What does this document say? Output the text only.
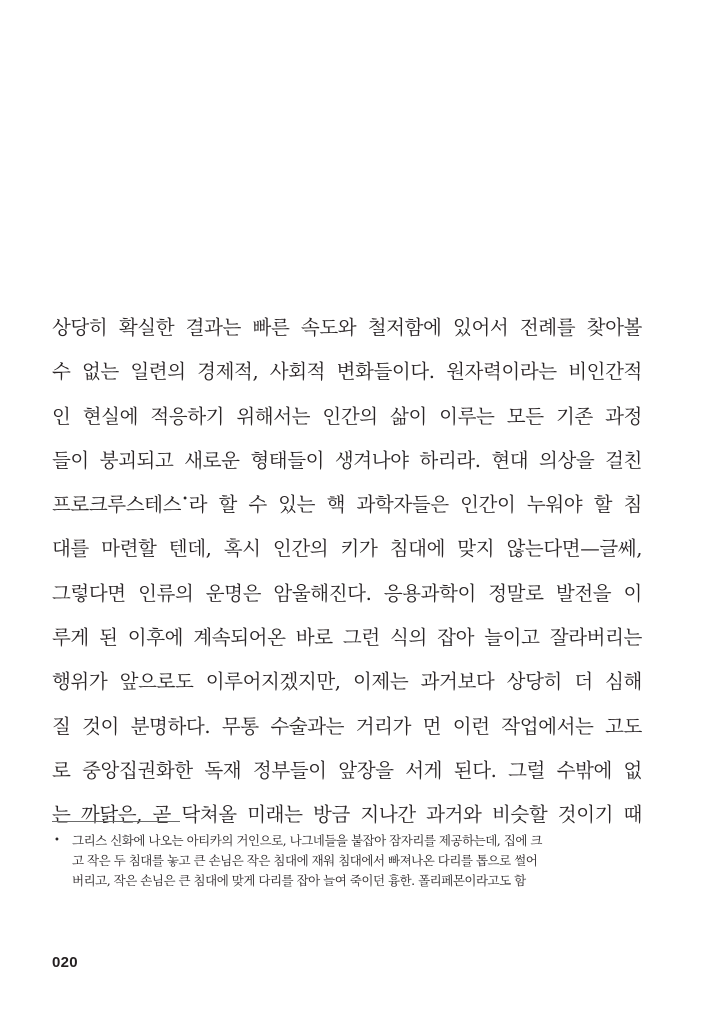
상당히 확실한 결과는 빠른 속도와 철저함에 있어서 전례를 찾아볼
수 없는 일련의 경제적, 사회적 변화들이다. 원자력이라는 비인간적
인 현실에 적응하기 위해서는 인간의 삶이 이루는 모든 기존 과정
들이 붕괴되고 새로운 형태들이 생겨나야 하리라. 현대 의상을 걸친
프로크루스테스•라 할 수 있는 핵 과학자들은 인간이 누워야 할 침
대를 마련할 텐데, 혹시 인간의 키가 침대에 맞지 않는다면—글쎄,
그렇다면 인류의 운명은 암울해진다. 응용과학이 정말로 발전을 이
루게 된 이후에 계속되어온 바로 그런 식의 잡아 늘이고 잘라버리는
행위가 앞으로도 이루어지겠지만, 이제는 과거보다 상당히 더 심해
질 것이 분명하다. 무통 수술과는 거리가 먼 이런 작업에서는 고도
로 중앙집권화한 독재 정부들이 앞장을 서게 된다. 그럴 수밖에 없
는 까닭은, 곧 닥쳐올 미래는 방금 지나간 과거와 비슷할 것이기 때
• 그리스 신화에 나오는 아티카의 거인으로, 나그네들을 붙잡아 잠자리를 제공하는데, 집에 크
고 작은 두 침대를 놓고 큰 손님은 작은 침대에 재워 침대에서 빠져나온 다리를 톱으로 썰어
버리고, 작은 손님은 큰 침대에 맞게 다리를 잡아 늘여 죽이던 흉한. 폴리페몬이라고도 함
020
